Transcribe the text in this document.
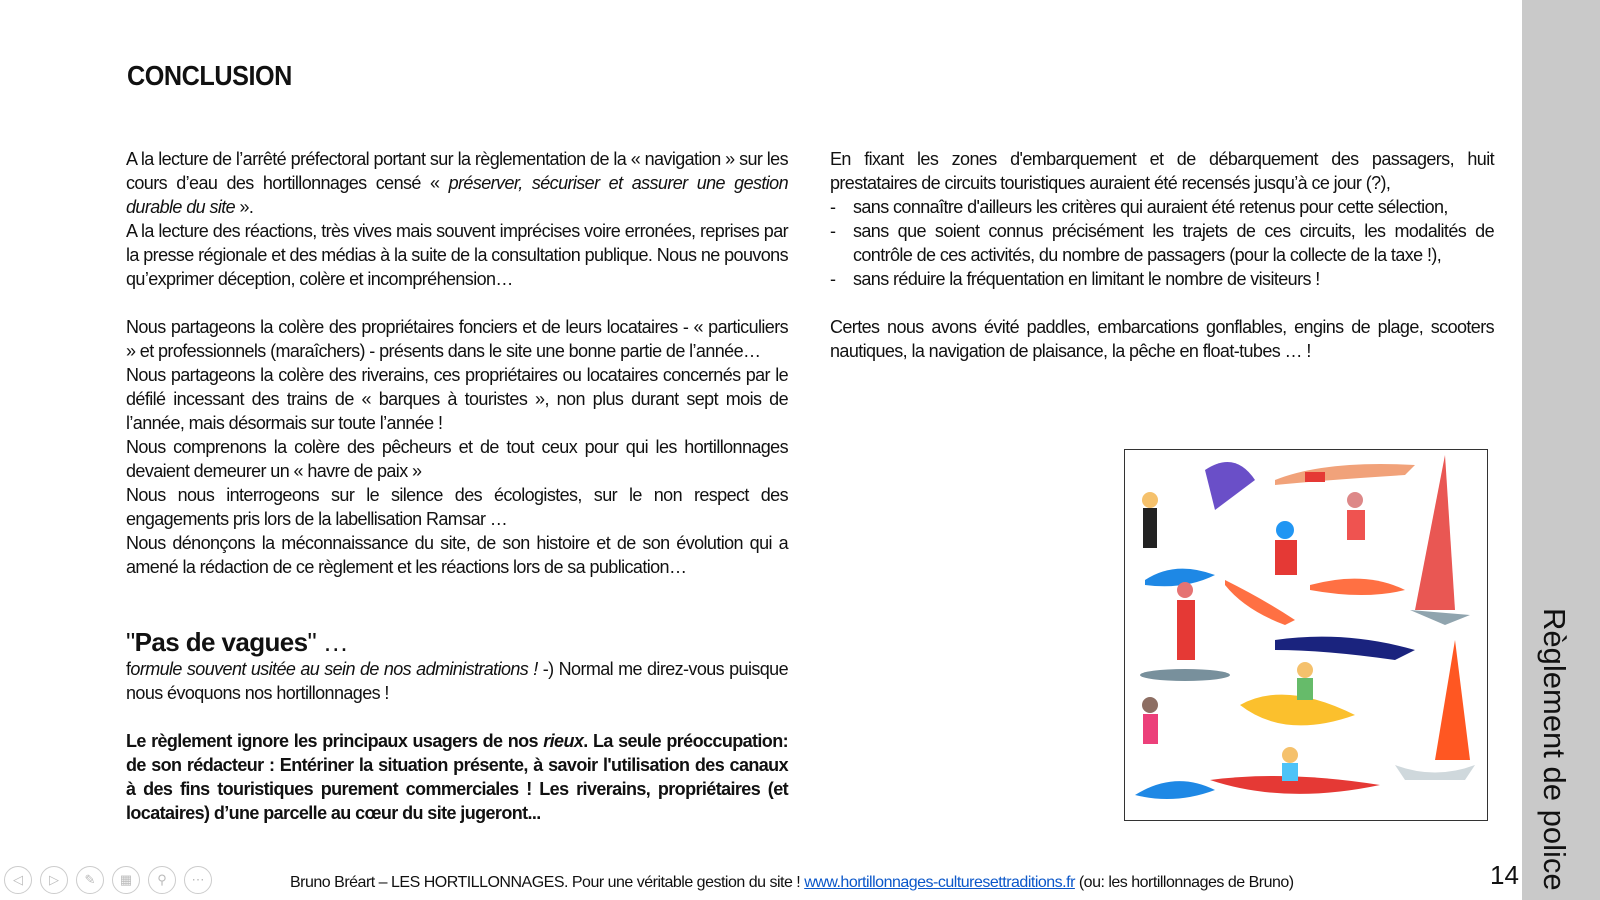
CONCLUSION

A la lecture de l’arrêté préfectoral portant sur la règlementation de la « navigation » sur les cours d’eau des hortillonnages censé « préserver, sécuriser et assurer une gestion durable du site ».

A la lecture des réactions, très vives mais souvent imprécises voire erronées, reprises par la presse régionale et des médias à la suite de la consultation publique. Nous ne pouvons qu’exprimer déception, colère et incompréhension…

Nous partageons la colère des propriétaires fonciers et de leurs locataires - « particuliers » et professionnels (maraîchers) - présents dans le site une bonne partie de l’année…

Nous partageons la colère des riverains, ces propriétaires ou locataires concernés par le défilé incessant des trains de « barques à touristes », non plus durant sept mois de l’année, mais désormais sur toute l’année !

Nous comprenons la colère des pêcheurs et de tout ceux pour qui les hortillonnages devaient demeurer un « havre de paix »

Nous nous interrogeons sur le silence des écologistes, sur le non respect des engagements pris lors de la labellisation Ramsar …

Nous dénonçons la méconnaissance du site, de son histoire et de son évolution qui a amené la rédaction de ce règlement et les réactions lors de sa publication…

"Pas de vagues" …

formule souvent usitée au sein de nos administrations ! -) Normal me direz-vous puisque nous évoquons nos hortillonnages !

Le règlement ignore les principaux usagers de nos rieux. La seule préoccupation: de son rédacteur : Entériner la situation présente, à savoir l'utilisation des canaux à des fins touristiques purement commerciales ! Les riverains, propriétaires (et locataires) d’une parcelle au cœur du site jugeront...

En fixant les zones d'embarquement et de débarquement des passagers, huit prestataires de circuits touristiques auraient été recensés jusqu’à ce jour (?),

- sans connaître d'ailleurs les critères qui auraient été retenus pour cette sélection,
- sans que soient connus précisément les trajets de ces circuits, les modalités de contrôle de ces activités, du nombre de passagers (pour la collecte de la taxe !),
- sans réduire la fréquentation en limitant le nombre de visiteurs !

Certes nous avons évité paddles, embarcations gonflables, engins de plage, scooters nautiques, la navigation de plaisance, la pêche en float-tubes … !

◁	▷	✎	▦	⚲	⋯	Bruno Bréart – LES HORTILLONNAGES. Pour une véritable gestion du site ! www.hortillonnages-culturesettraditions.fr (ou: les hortillonnages de Bruno)	14 Règlement de police
